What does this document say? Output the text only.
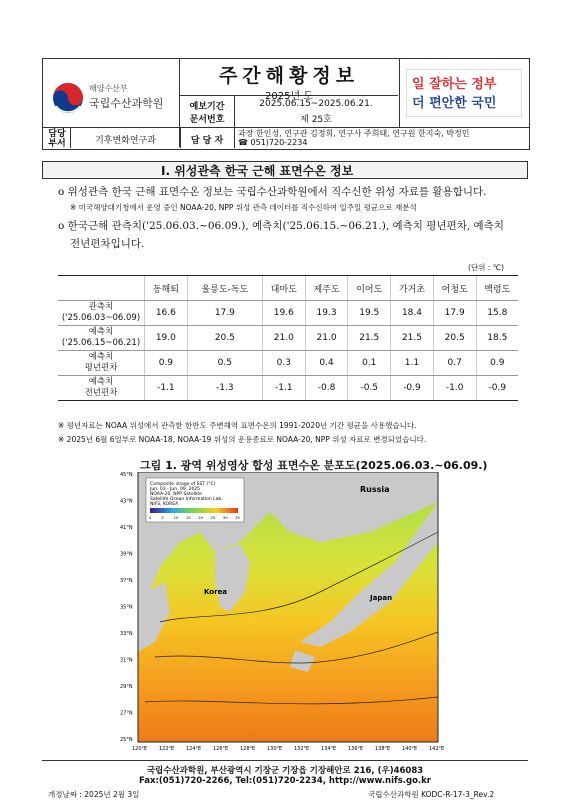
해양수산부
국립수산과학원
주간해황정보
2025년 도
예보기간	2025.06.15~2025.06.21.
문서번호	제 25호
일 잘하는 정부
더 편안한 국민
담당
부서	기후변화연구과	담 당 자
과장 한인성, 연구관 김정희, 연구사 주희태, 연구원 한지숙, 박정민
☎ 051)720-2234
I. 위성관측 한국 근해 표면수온 정보
o 위성관측 한국 근해 표면수온 정보는 국립수산과학원에서 직수신한 위성 자료를 활용합니다.
※ 미국해양대기청에서 운영 중인 NOAA-20, NPP 위성 관측 데이터를 직수신하여 일주일 평균으로 재분석
o 한국근해 관측치('25.06.03.~06.09.), 예측치('25.06.15.~06.21.), 예측치 평년편차, 예측치
전년편차입니다.
(단위 : ℃)
	동해퇴	울릉도-독도	대마도	제주도	이어도	가거초	어청도	백령도

관측치
('25.06.03~06.09)	16.6	17.9	19.6	19.3	19.5	18.4	17.9	15.8

예측치
('25.06.15~06.21)	19.0	20.5	21.0	21.0	21.5	21.5	20.5	18.5

예측치
평년편차	0.9	0.5	0.3	0.4	0.1	1.1	0.7	0.9

예측치
전년편차	-1.1	-1.3	-1.1	-0.8	-0.5	-0.9	-1.0	-0.9
※ 평년자료는 NOAA 위성에서 관측한 한반도 주변해역 표면수온의 1991-2020년 기간 평균을 사용했습니다.
※ 2025년 6월 6일부로 NOAA-18, NOAA-19 위성의 운용종료로 NOAA-20, NPP 위성 자료로 변경되었습니다.
그림 1. 광역 위성영상 합성 표면수온 분포도(2025.06.03.~06.09.)
Composite image of SST (°C)
Jun. 03 - Jun. 09, 2025
NOAA-20, NPP Satellite
Satellite Ocean Information Lab.
NIFS, KOREA
0	5	10 15 20 25 30 35
Russia
Korea
Japan
45°N
43°N
41°N
39°N
37°N
35°N
33°N
31°N
29°N
27°N
25°N
120°E 122°E 124°E 126°E 128°E 130°E 132°E 134°E 136°E 138°E 140°E 142°E
국립수산과학원, 부산광역시 기장군 기장읍 기장해안로 216, (우)46083
Fax:(051)720-2266, Tel:(051)720-2234, http://www.nifs.go.kr
개정날짜 : 2025년 2월 3일	국립수산과학원 KODC-R-17-3_Rev.2
